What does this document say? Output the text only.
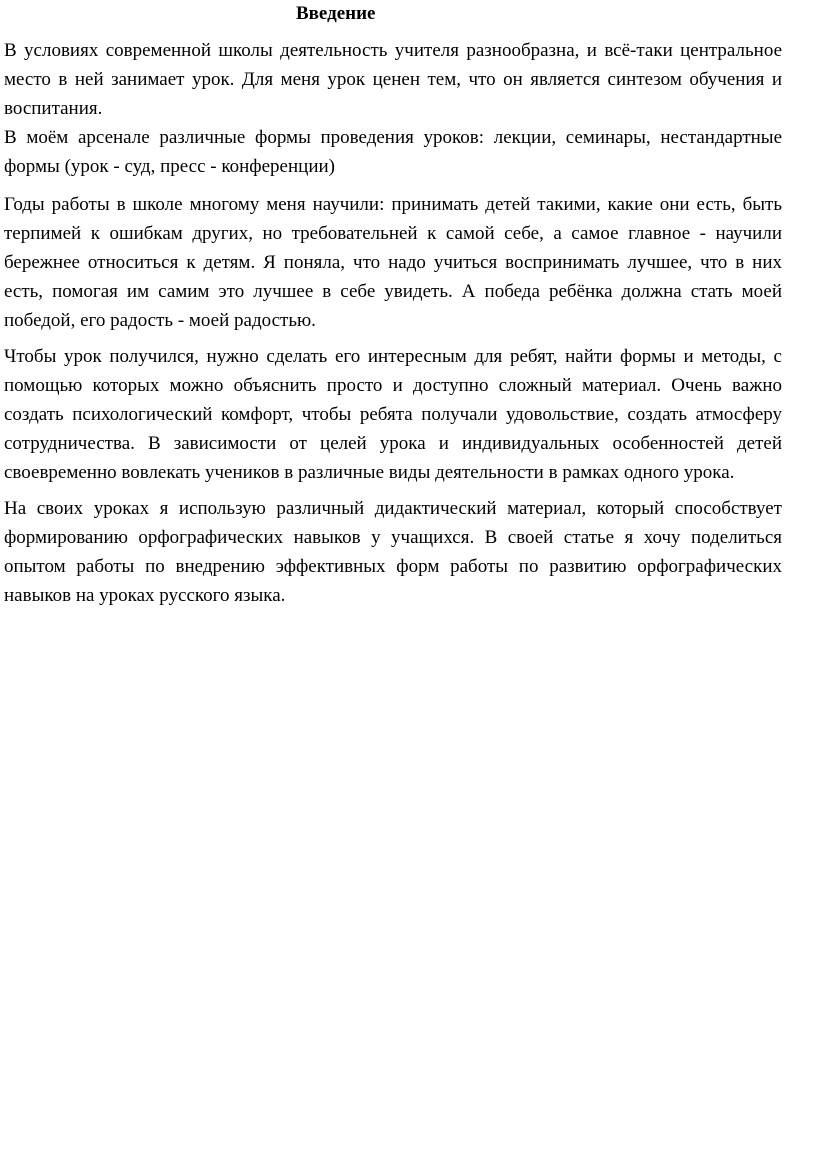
Введение

В условиях современной школы деятельность учителя разнообразна, и всё-таки центральное место в ней занимает урок. Для меня урок ценен тем, что он является синтезом обучения и воспитания.

В моём арсенале различные формы проведения уроков: лекции, семинары, нестандартные формы (урок - суд, пресс - конференции)

Годы работы в школе многому меня научили: принимать детей такими, какие они есть, быть терпимей к ошибкам других, но требовательней к самой себе, а самое главное - научили бережнее относиться к детям. Я поняла, что надо учиться воспринимать лучшее, что в них есть, помогая им самим это лучшее в себе увидеть. А победа ребёнка должна стать моей победой, его радость - моей радостью.

Чтобы урок получился, нужно сделать его интересным для ребят, найти формы и методы, с помощью которых можно объяснить просто и доступно сложный материал. Очень важно создать психологический комфорт, чтобы ребята получали удовольствие, создать атмосферу сотрудничества. В зависимости от целей урока и индивидуальных особенностей детей своевременно вовлекать учеников в различные виды деятельности в рамках одного урока.

На своих уроках я использую различный дидактический материал, который способствует формированию орфографических навыков у учащихся. В своей статье я хочу поделиться опытом работы по внедрению эффективных форм работы по развитию орфографических навыков на уроках русского языка.
